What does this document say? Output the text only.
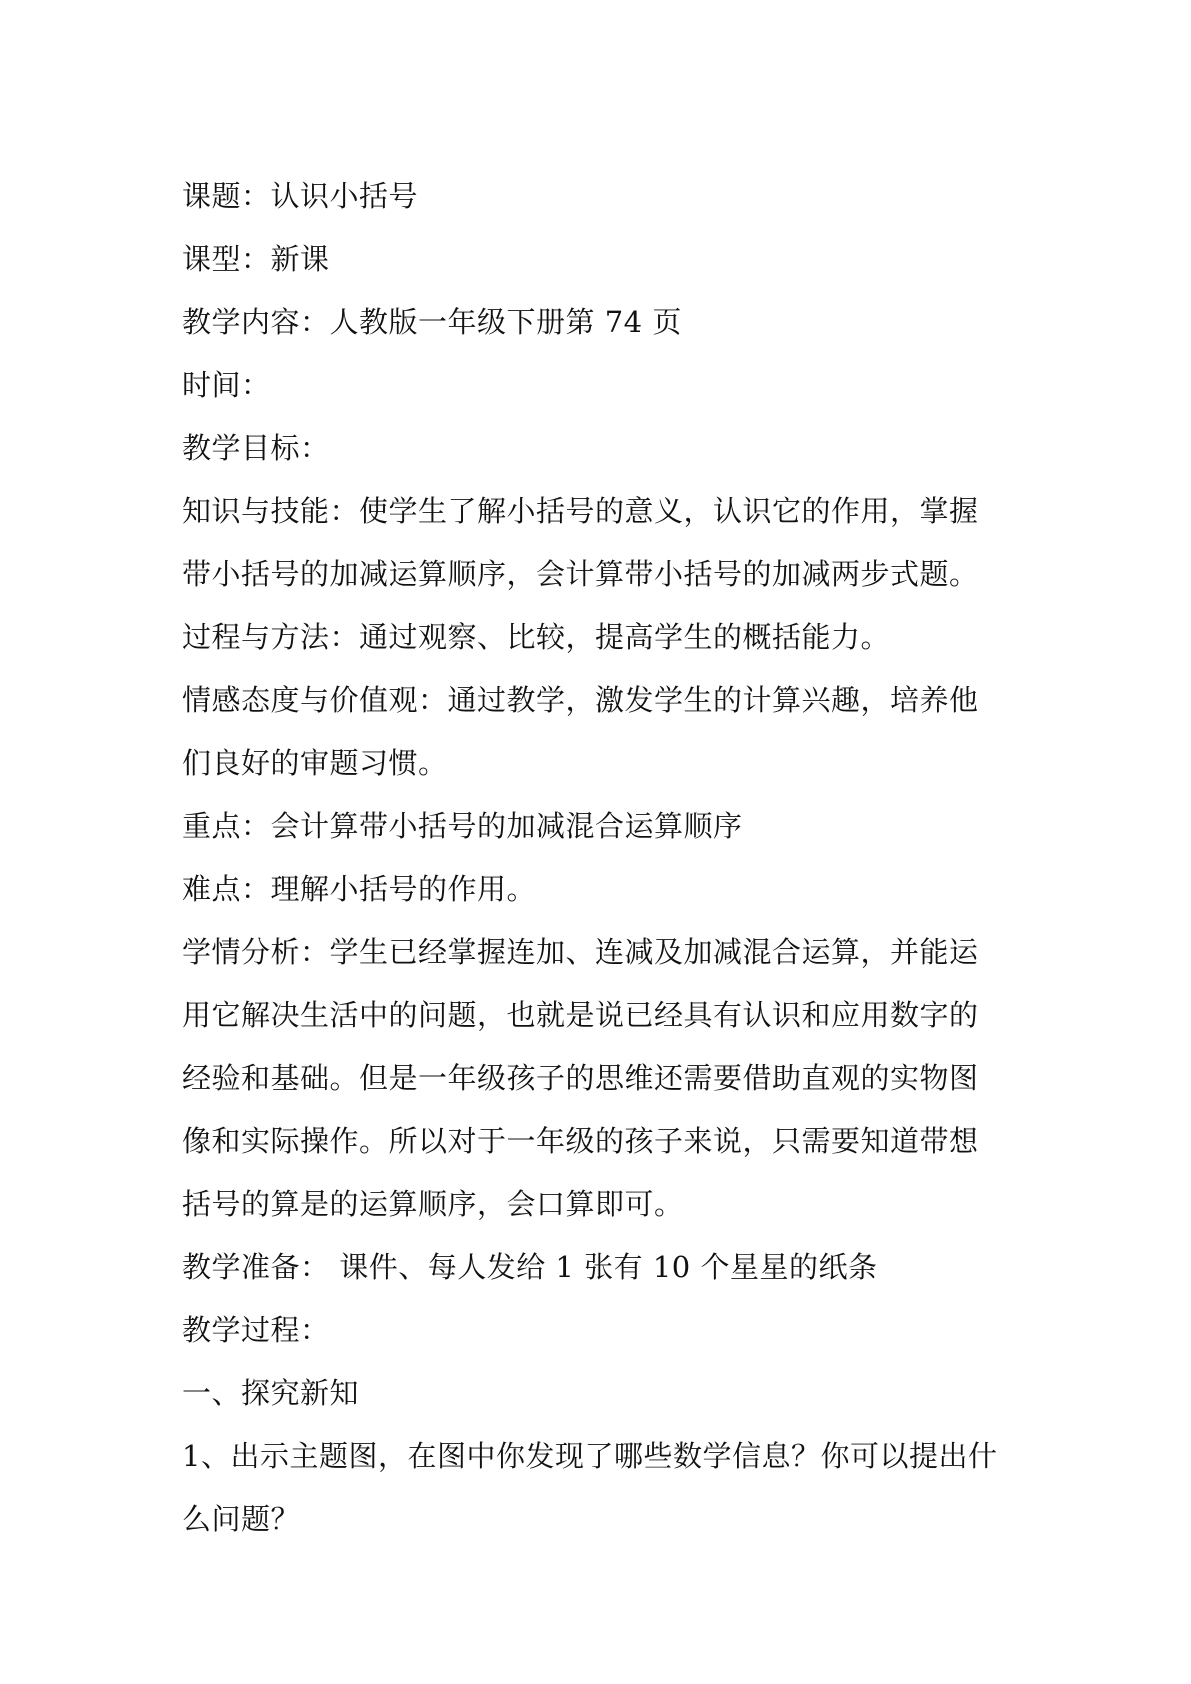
课题：认识小括号
课型：新课
教学内容：人教版一年级下册第 74 页
时间：
教学目标：
知识与技能：使学生了解小括号的意义，认识它的作用，掌握
带小括号的加减运算顺序，会计算带小括号的加减两步式题。
过程与方法：通过观察、比较，提高学生的概括能力。
情感态度与价值观：通过教学，激发学生的计算兴趣，培养他
们良好的审题习惯。
重点：会计算带小括号的加减混合运算顺序
难点：理解小括号的作用。
学情分析：学生已经掌握连加、连减及加减混合运算，并能运
用它解决生活中的问题，也就是说已经具有认识和应用数字的
经验和基础。但是一年级孩子的思维还需要借助直观的实物图
像和实际操作。所以对于一年级的孩子来说，只需要知道带想
括号的算是的运算顺序，会口算即可。
教学准备： 课件、每人发给 1 张有 10 个星星的纸条
教学过程：
一、探究新知
1、出示主题图，在图中你发现了哪些数学信息？你可以提出什
么问题？
